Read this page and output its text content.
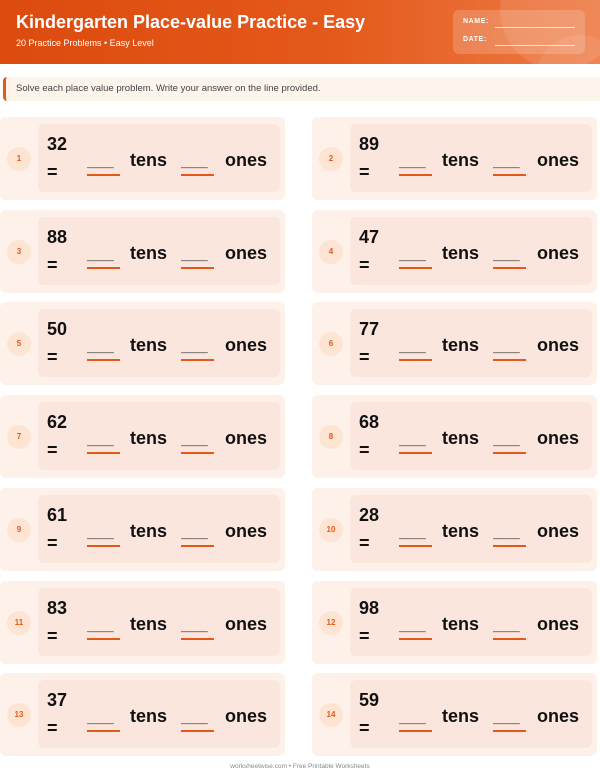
Kindergarten Place-value Practice - Easy
20 Practice Problems • Easy Level
NAME:
DATE:
Solve each place value problem. Write your answer on the line provided.
1
32
=
___ tens ___ ones	2
89
=
___ tens ___ ones
3
88
=
___ tens ___ ones	4
47
=
___ tens ___ ones
5
50
=
___ tens ___ ones	6
77
=
___ tens ___ ones
7
62
=
___ tens ___ ones	8
68
=
___ tens ___ ones
9
61
=
___ tens ___ ones	10
28
=
___ tens ___ ones
11
83
=
___ tens ___ ones	12
98
=
___ tens ___ ones
13
37
=
___ tens ___ ones	14
59
=
___ tens ___ ones
worksheetwise.com • Free Printable Worksheets
